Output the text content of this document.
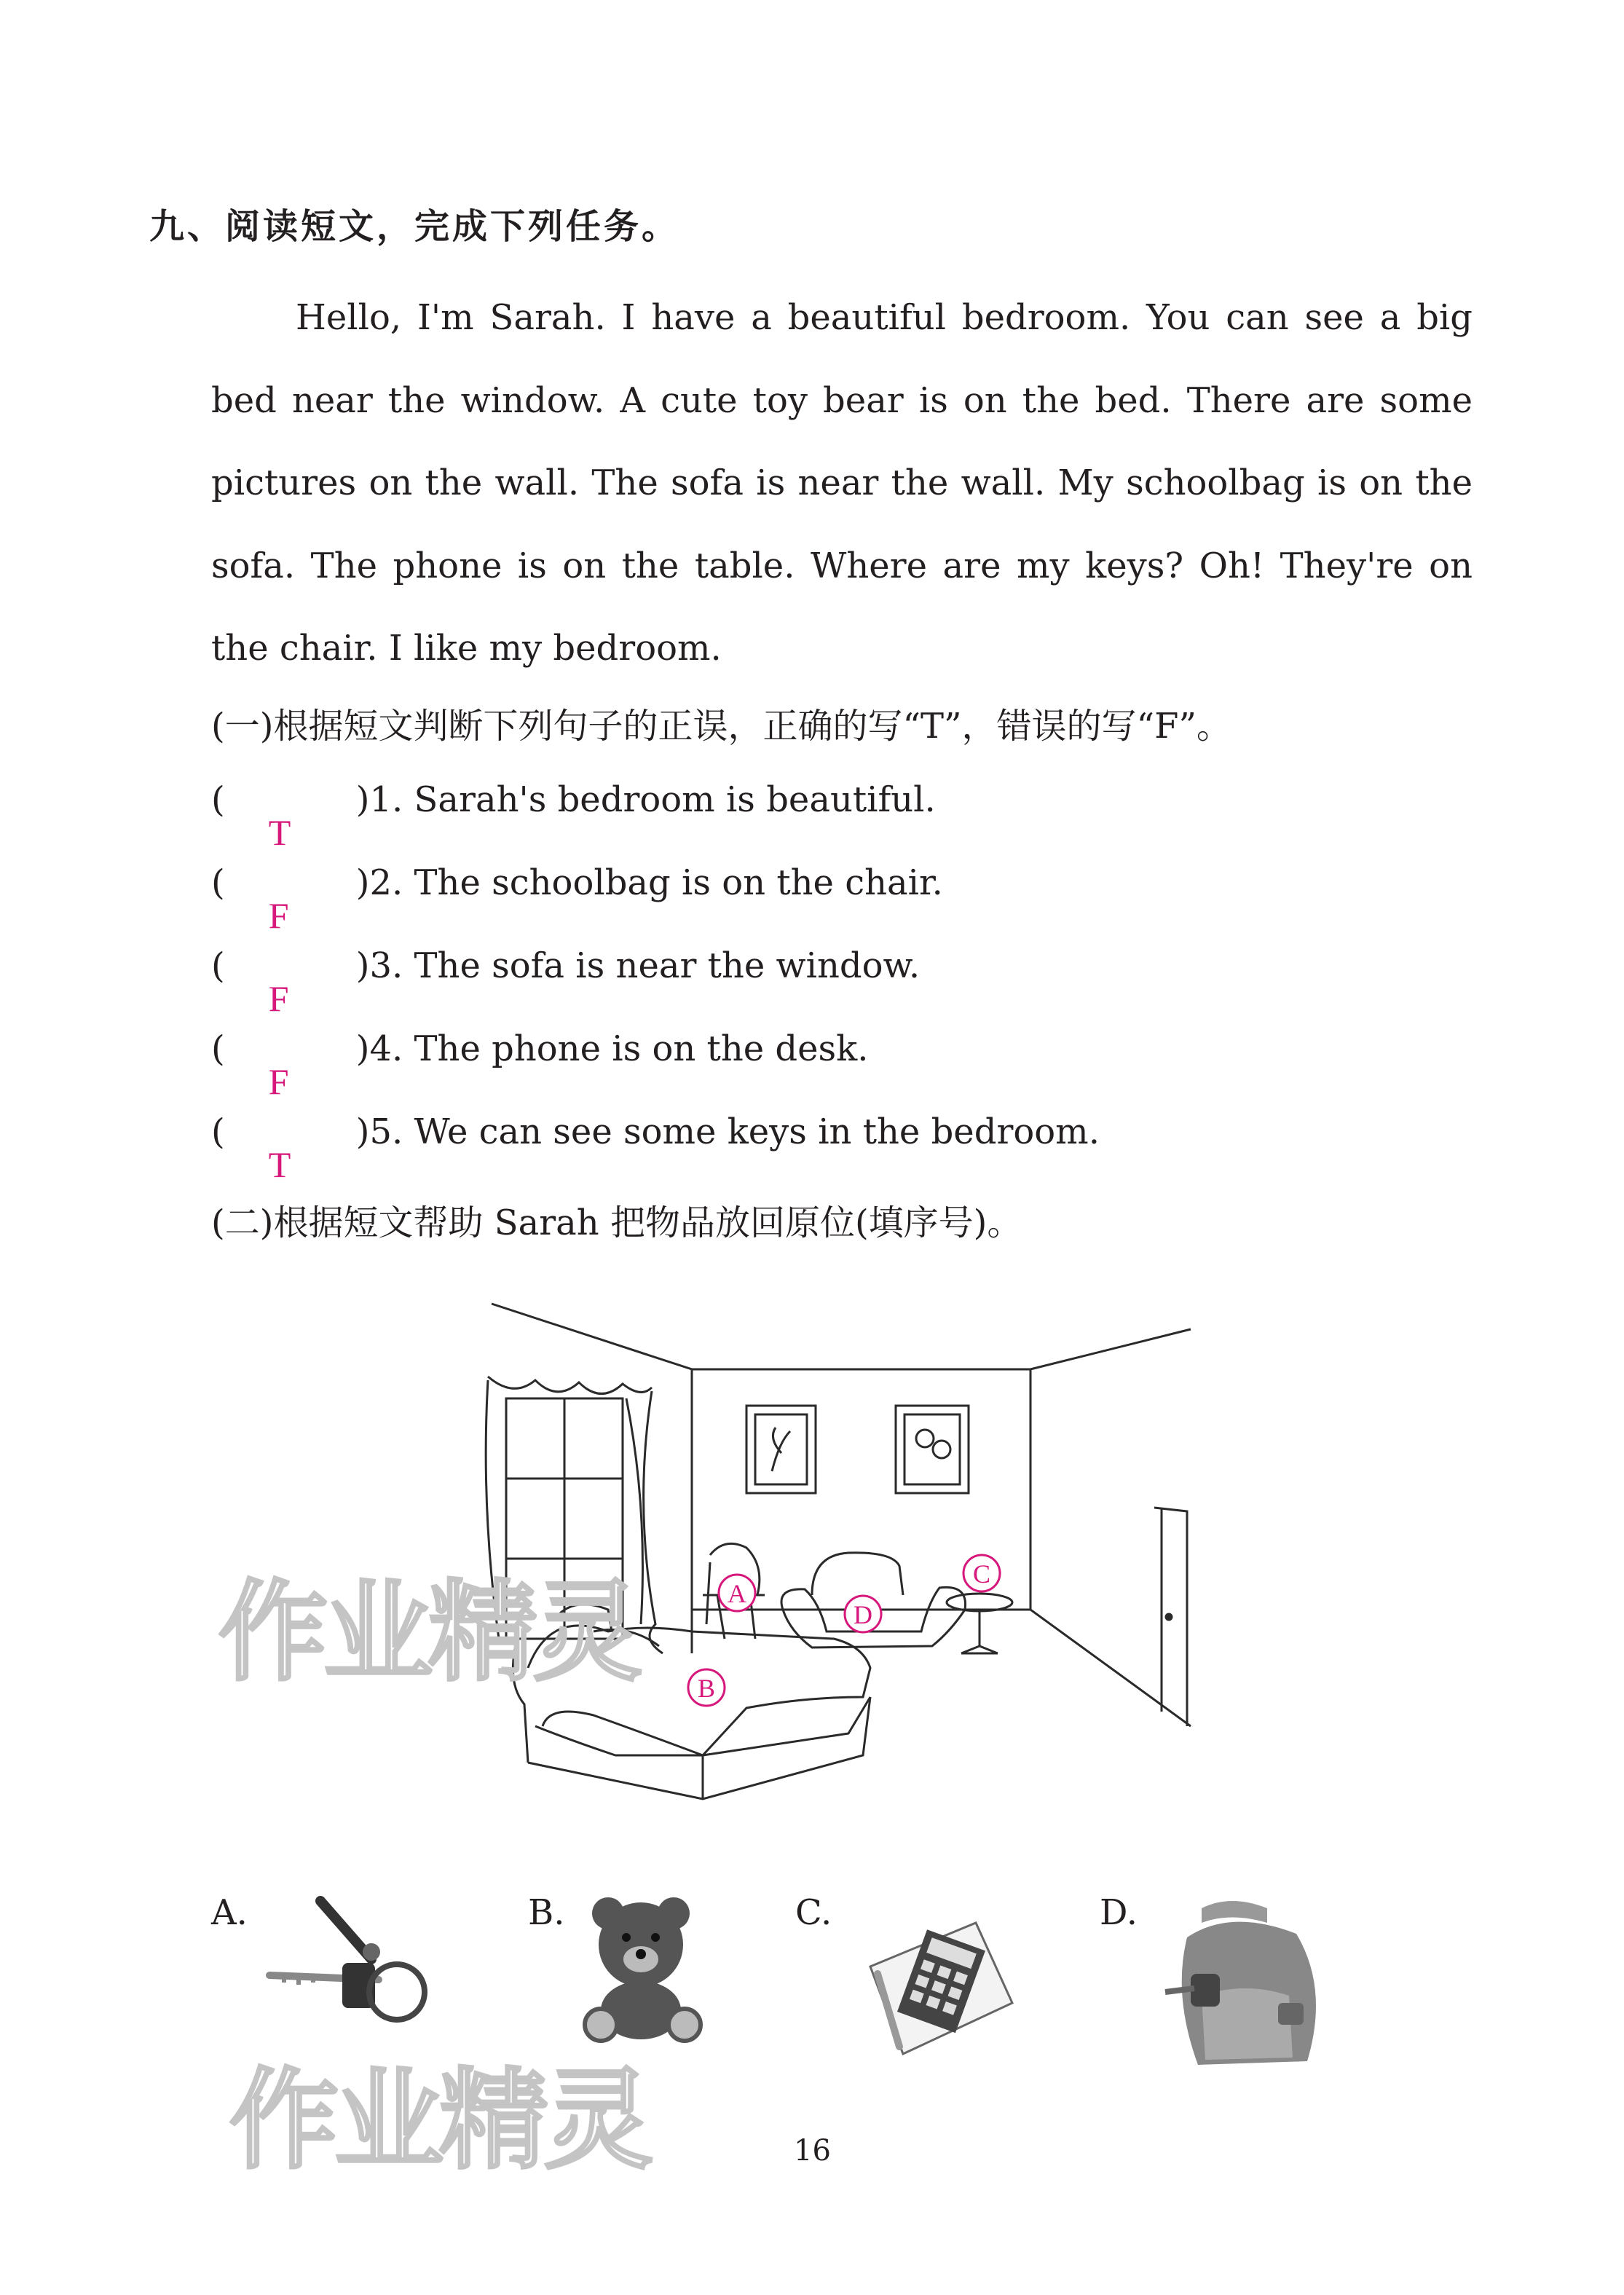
九、阅读短文，完成下列任务。
Hello, I'm Sarah. I have a beautiful bedroom. You can see a big bed near the window. A cute toy bear is on the bed. There are some pictures on the wall. The sofa is near the wall. My schoolbag is on the sofa. The phone is on the table. Where are my keys? Oh! They're on the chair. I like my bedroom.
(一)根据短文判断下列句子的正误，正确的写“T”，错误的写“F”。
(
T
)1. Sarah's bedroom is beautiful.
(
F
)2. The schoolbag is on the chair.
(
F
)3. The sofa is near the window.
(
F
)4. The phone is on the desk.
(
T
)5. We can see some keys in the bedroom.
(二)根据短文帮助 Sarah 把物品放回原位(填序号)。
A
B
C
D
作业精灵
A.	B.	C.	D.
作业精灵	16
